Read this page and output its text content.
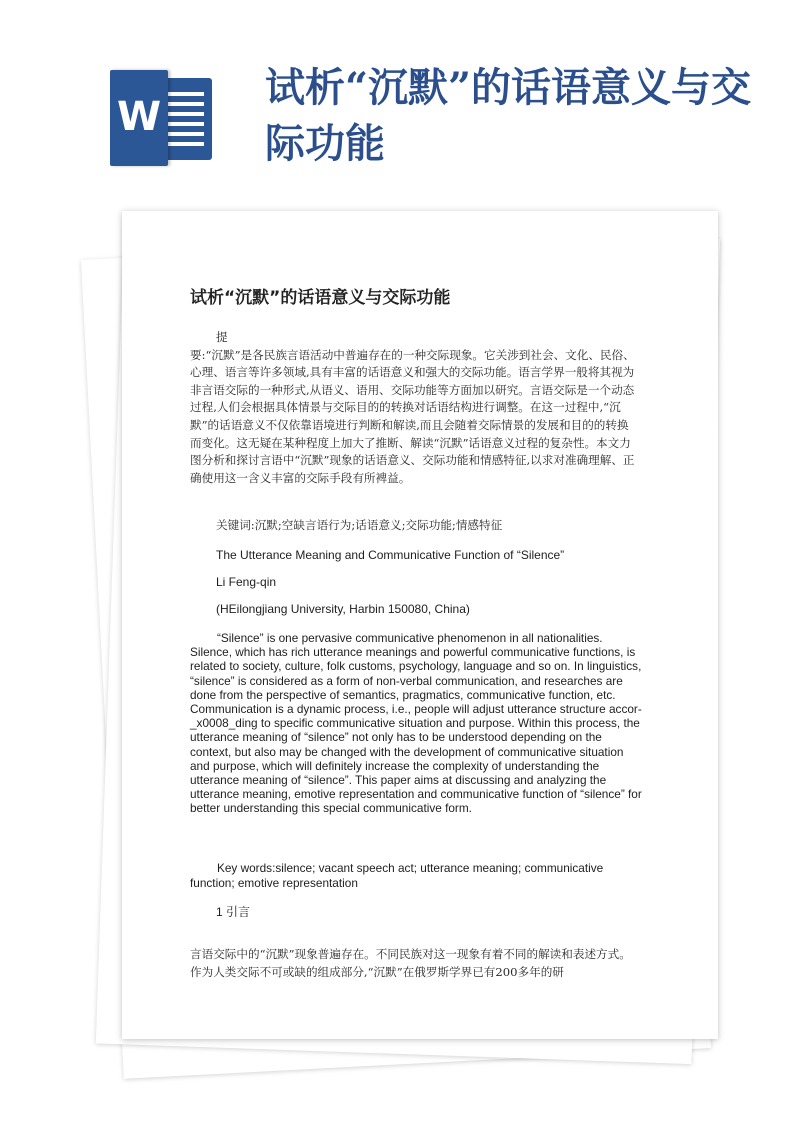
W
试析“沉默”的话语意义与交际功能
试析“沉默”的话语意义与交际功能
提
要:“沉默”是各民族言语活动中普遍存在的一种交际现象。它关涉到社会、文化、民俗、心理、语言等许多领域,具有丰富的话语意义和强大的交际功能。语言学界一般将其视为非言语交际的一种形式,从语义、语用、交际功能等方面加以研究。言语交际是一个动态过程,人们会根据具体情景与交际目的的转换对话语结构进行调整。在这一过程中,“沉默”的话语意义不仅依靠语境进行判断和解读,而且会随着交际情景的发展和目的的转换而变化。这无疑在某种程度上加大了推断、解读“沉默”话语意义过程的复杂性。本文力图分析和探讨言语中“沉默”现象的话语意义、交际功能和情感特征,以求对准确理解、正确使用这一含义丰富的交际手段有所裨益。
关键词:沉默;空缺言语行为;话语意义;交际功能;情感特征
The Utterance Meaning and Communicative Function of “Silence”
Li Feng-qin
(HEilongjiang University, Harbin 150080, China)
“Silence” is one pervasive communicative phenomenon in all nationalities. Silence, which has rich utterance meanings and powerful communicative functions, is related to society, culture, folk customs, psychology, language and so on. In linguistics, “silence” is considered as a form of non-verbal communication, and researches are done from the perspective of semantics, pragmatics, communicative function, etc. Communication is a dynamic process, i.e., people will adjust utterance structure accor-_x0008_ding to specific communicative situation and purpose. Within this process, the utterance meaning of “silence” not only has to be understood depending on the context, but also may be changed with the development of communicative situation and purpose, which will definitely increase the complexity of understanding the utterance meaning of “silence”. This paper aims at discussing and analyzing the utterance meaning, emotive representation and communicative function of “silence” for better understanding this special communicative form.
Key words:silence; vacant speech act; utterance meaning; communicative function; emotive representation
1 引言
言语交际中的“沉默”现象普遍存在。不同民族对这一现象有着不同的解读和表述方式。作为人类交际不可或缺的组成部分,“沉默”在俄罗斯学界已有200多年的研
